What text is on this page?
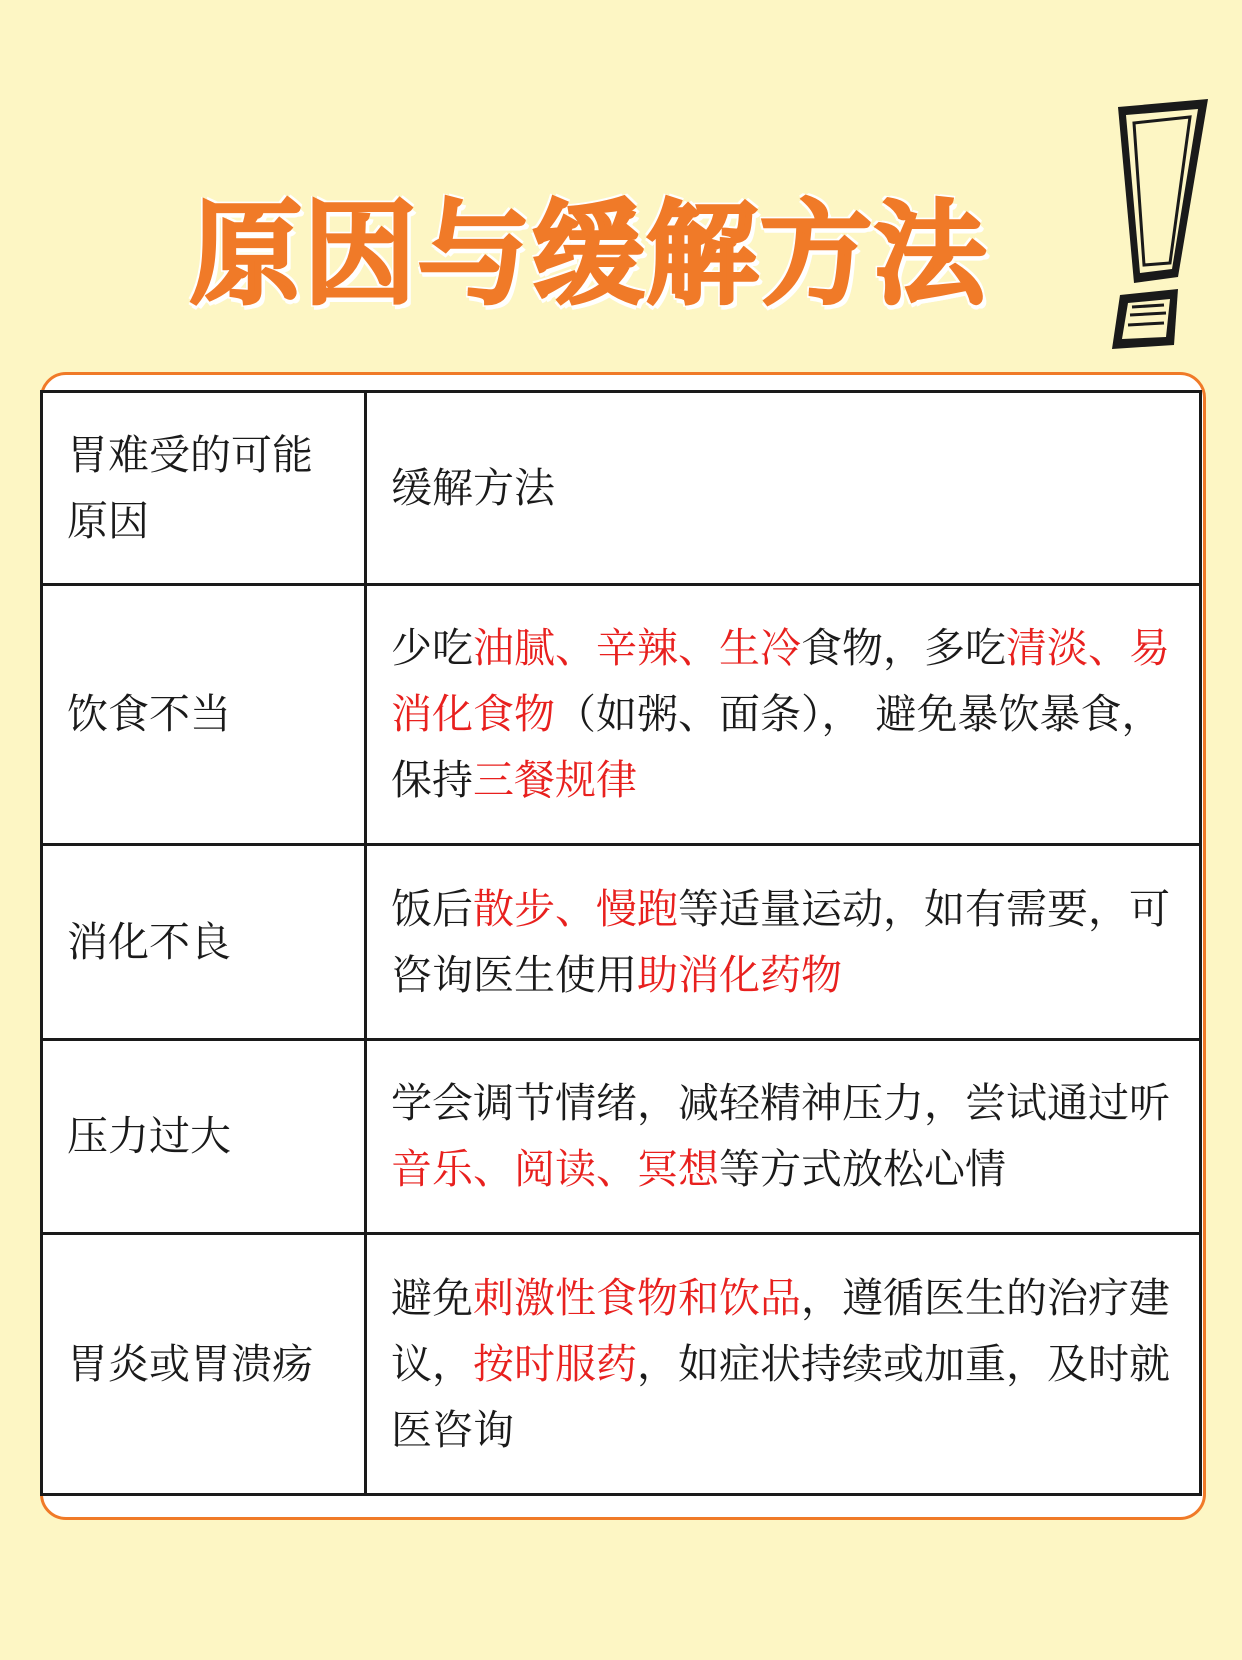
原因与缓解方法
胃难受的可能原因	缓解方法
饮食不当	少吃油腻、辛辣、生冷食物，多吃清淡、易消化食物（如粥、面条）， 避免暴饮暴食，保持三餐规律
消化不良	饭后散步、慢跑等适量运动，如有需要，可咨询医生使用助消化药物
压力过大	学会调节情绪，减轻精神压力，尝试通过听音乐、阅读、冥想等方式放松心情
胃炎或胃溃疡	避免刺激性食物和饮品，遵循医生的治疗建议，按时服药，如症状持续或加重，及时就医咨询
